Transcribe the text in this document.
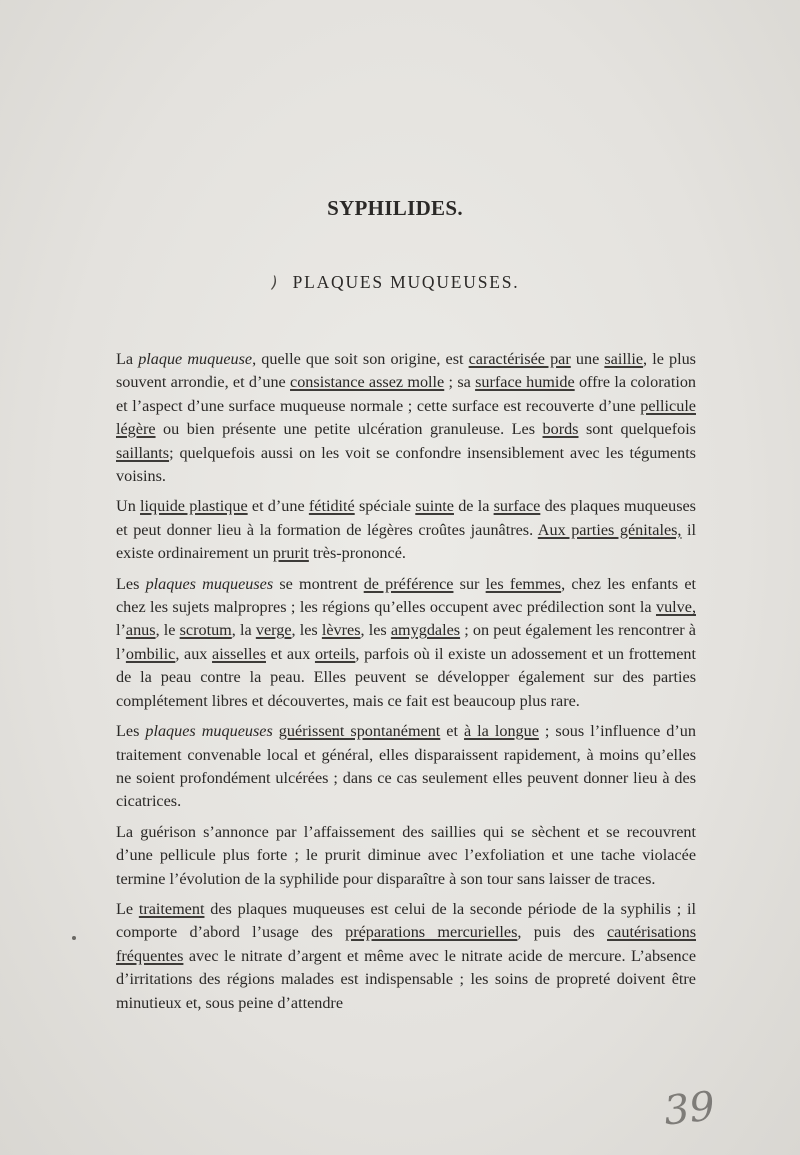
SYPHILIDES.
) PLAQUES MUQUEUSES.

La plaque muqueuse, quelle que soit son origine, est caractérisée par une saillie, le plus souvent arrondie, et d’une consistance assez molle ; sa surface humide offre la coloration et l’aspect d’une surface muqueuse normale ; cette surface est recouverte d’une pellicule légère ou bien présente une petite ulcération granuleuse. Les bords sont quelquefois saillants; quelquefois aussi on les voit se confondre insensiblement avec les téguments voisins.

Un liquide plastique et d’une fétidité spéciale suinte de la surface des plaques muqueuses et peut donner lieu à la formation de légères croûtes jaunâtres. Aux parties génitales, il existe ordinairement un prurit très-prononcé.

Les plaques muqueuses se montrent de préférence sur les femmes, chez les enfants et chez les sujets malpropres ; les régions qu’elles occupent avec prédilection sont la vulve, l’anus, le scrotum, la verge, les lèvres, les amygdales ; on peut également les rencontrer à l’ombilic, aux aisselles et aux orteils, parfois où il existe un adossement et un frottement de la peau contre la peau. Elles peuvent se développer également sur des parties complétement libres et découvertes, mais ce fait est beaucoup plus rare.

Les plaques muqueuses guérissent spontanément et à la longue ; sous l’influence d’un traitement convenable local et général, elles disparaissent rapidement, à moins qu’elles ne soient profondément ulcérées ; dans ce cas seulement elles peuvent donner lieu à des cicatrices.

La guérison s’annonce par l’affaissement des saillies qui se sèchent et se recouvrent d’une pellicule plus forte ; le prurit diminue avec l’exfoliation et une tache violacée termine l’évolution de la syphilide pour disparaître à son tour sans laisser de traces.

Le traitement des plaques muqueuses est celui de la seconde période de la syphilis ; il comporte d’abord l’usage des préparations mercurielles, puis des cautérisations fréquentes avec le nitrate d’argent et même avec le nitrate acide de mercure. L’absence d’irritations des régions malades est indispensable ; les soins de propreté doivent être minutieux et, sous peine d’attendre

39
